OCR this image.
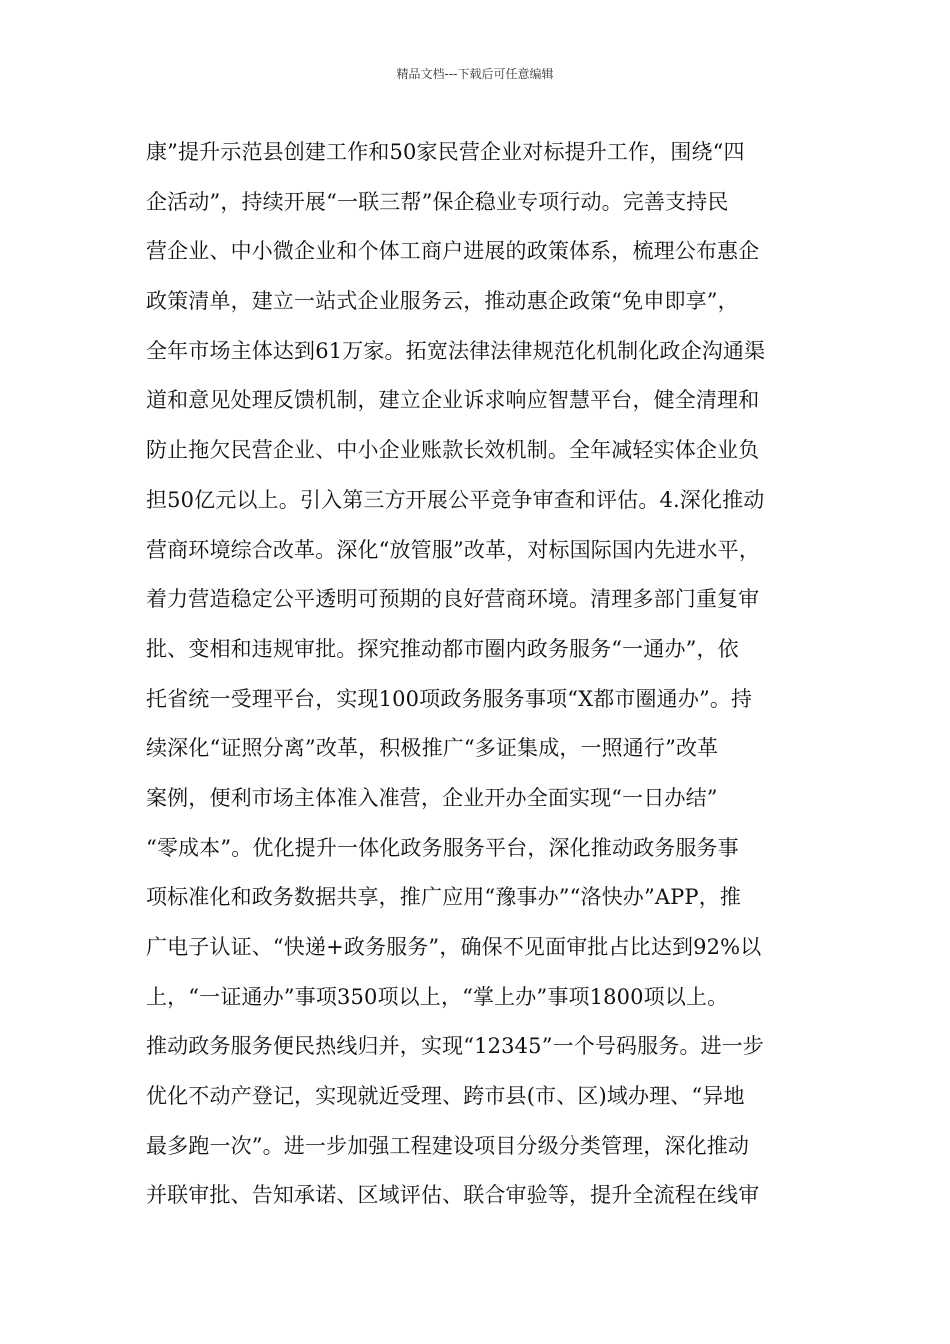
精品文档---下载后可任意编辑
康”提升示范县创建工作和50家民营企业对标提升工作，围绕“四
企活动”，持续开展“一联三帮”保企稳业专项行动。完善支持民
营企业、中小微企业和个体工商户进展的政策体系，梳理公布惠企
政策清单，建立一站式企业服务云，推动惠企政策“免申即享”，
全年市场主体达到61万家。拓宽法律法律规范化机制化政企沟通渠
道和意见处理反馈机制，建立企业诉求响应智慧平台，健全清理和
防止拖欠民营企业、中小企业账款长效机制。全年减轻实体企业负
担50亿元以上。引入第三方开展公平竞争审查和评估。4.深化推动
营商环境综合改革。深化“放管服”改革，对标国际国内先进水平，
着力营造稳定公平透明可预期的良好营商环境。清理多部门重复审
批、变相和违规审批。探究推动都市圈内政务服务“一通办”，依
托省统一受理平台，实现100项政务服务事项“X都市圈通办”。持
续深化“证照分离”改革，积极推广“多证集成，一照通行”改革
案例，便利市场主体准入准营，企业开办全面实现“一日办结”
“零成本”。优化提升一体化政务服务平台，深化推动政务服务事
项标准化和政务数据共享，推广应用“豫事办”“洛快办”APP，推
广电子认证、“快递+政务服务”，确保不见面审批占比达到92%以
上，“一证通办”事项350项以上，“掌上办”事项1800项以上。
推动政务服务便民热线归并，实现“12345”一个号码服务。进一步
优化不动产登记，实现就近受理、跨市县(市、区)域办理、“异地
最多跑一次”。进一步加强工程建设项目分级分类管理，深化推动
并联审批、告知承诺、区域评估、联合审验等，提升全流程在线审
